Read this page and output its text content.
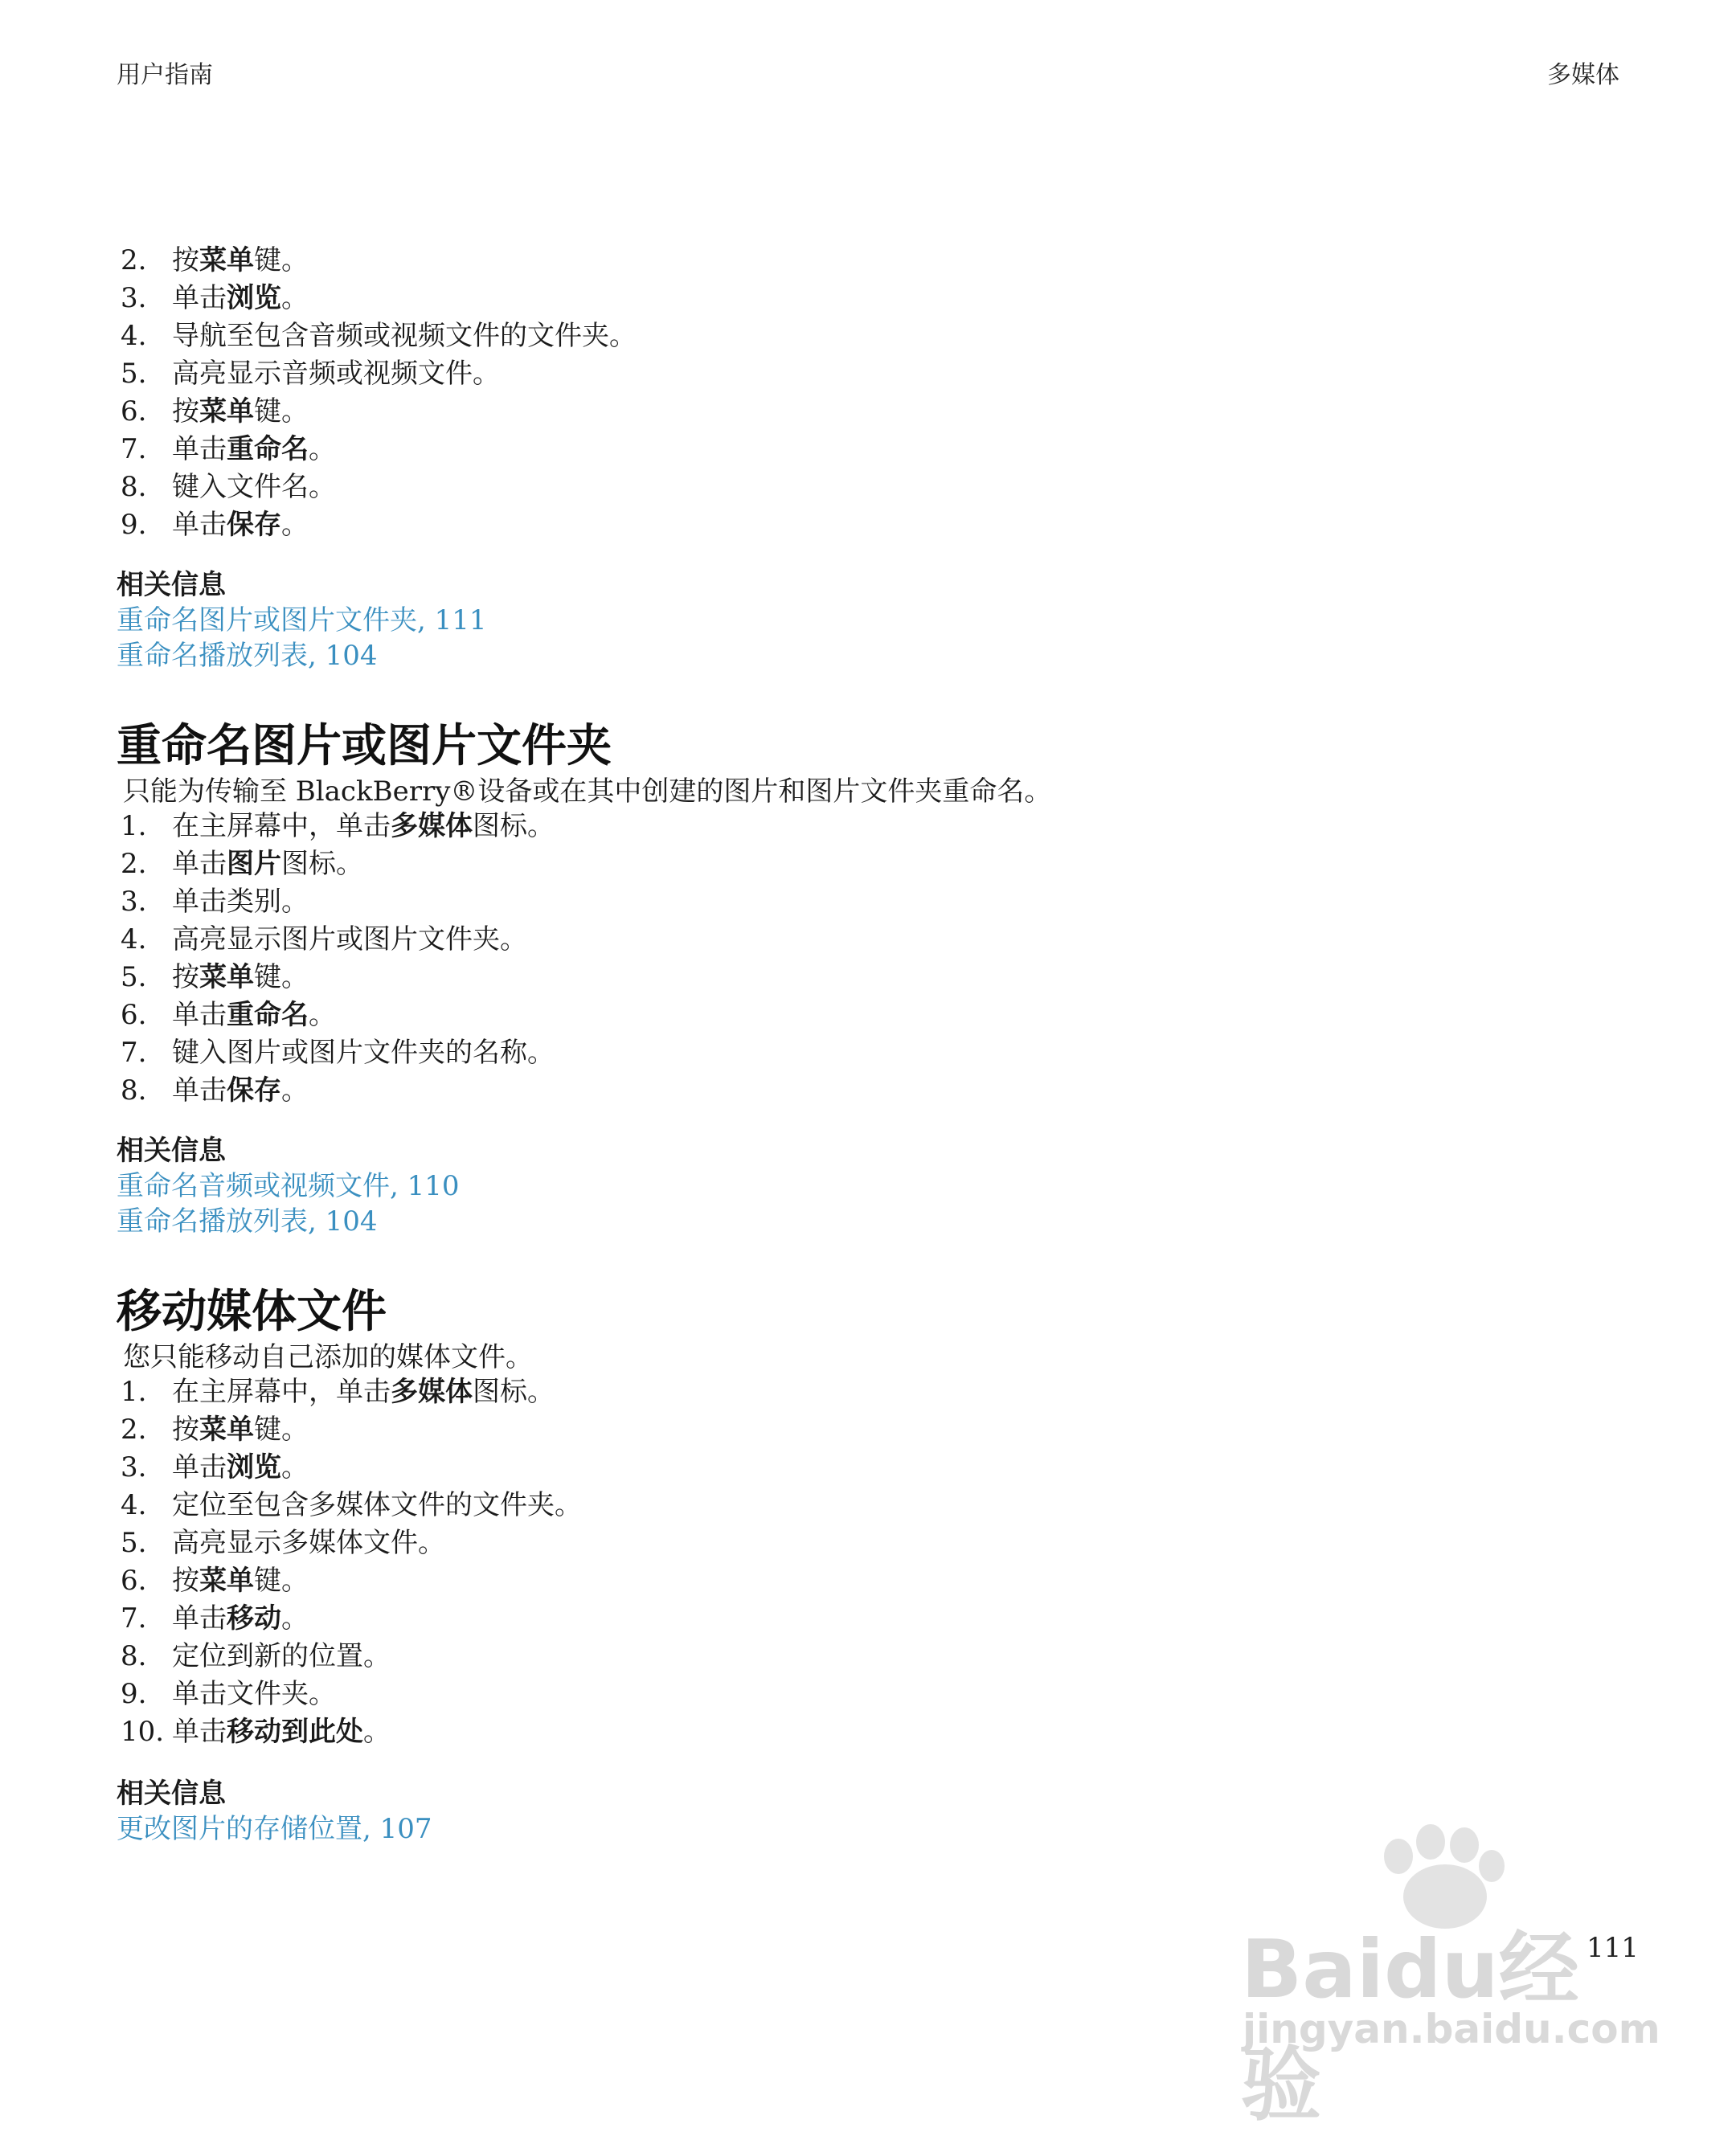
用户指南	多媒体
2. 按菜单键。
3. 单击浏览。
4. 导航至包含音频或视频文件的文件夹。
5. 高亮显示音频或视频文件。
6. 按菜单键。
7. 单击重命名。
8. 键入文件名。
9. 单击保存。
相关信息
重命名图片或图片文件夹, 111
重命名播放列表, 104
重命名图片或图片文件夹
只能为传输至 BlackBerry®设备或在其中创建的图片和图片文件夹重命名。
1. 在主屏幕中，单击多媒体图标。
2. 单击图片图标。
3. 单击类别。
4. 高亮显示图片或图片文件夹。
5. 按菜单键。
6. 单击重命名。
7. 键入图片或图片文件夹的名称。
8. 单击保存。
相关信息
重命名音频或视频文件, 110
重命名播放列表, 104
移动媒体文件
您只能移动自己添加的媒体文件。
1. 在主屏幕中，单击多媒体图标。
2. 按菜单键。
3. 单击浏览。
4. 定位至包含多媒体文件的文件夹。
5. 高亮显示多媒体文件。
6. 按菜单键。
7. 单击移动。
8. 定位到新的位置。
9. 单击文件夹。
10. 单击移动到此处。
相关信息
更改图片的存储位置, 107
Baidu经验
jingyan.baidu.com
111
